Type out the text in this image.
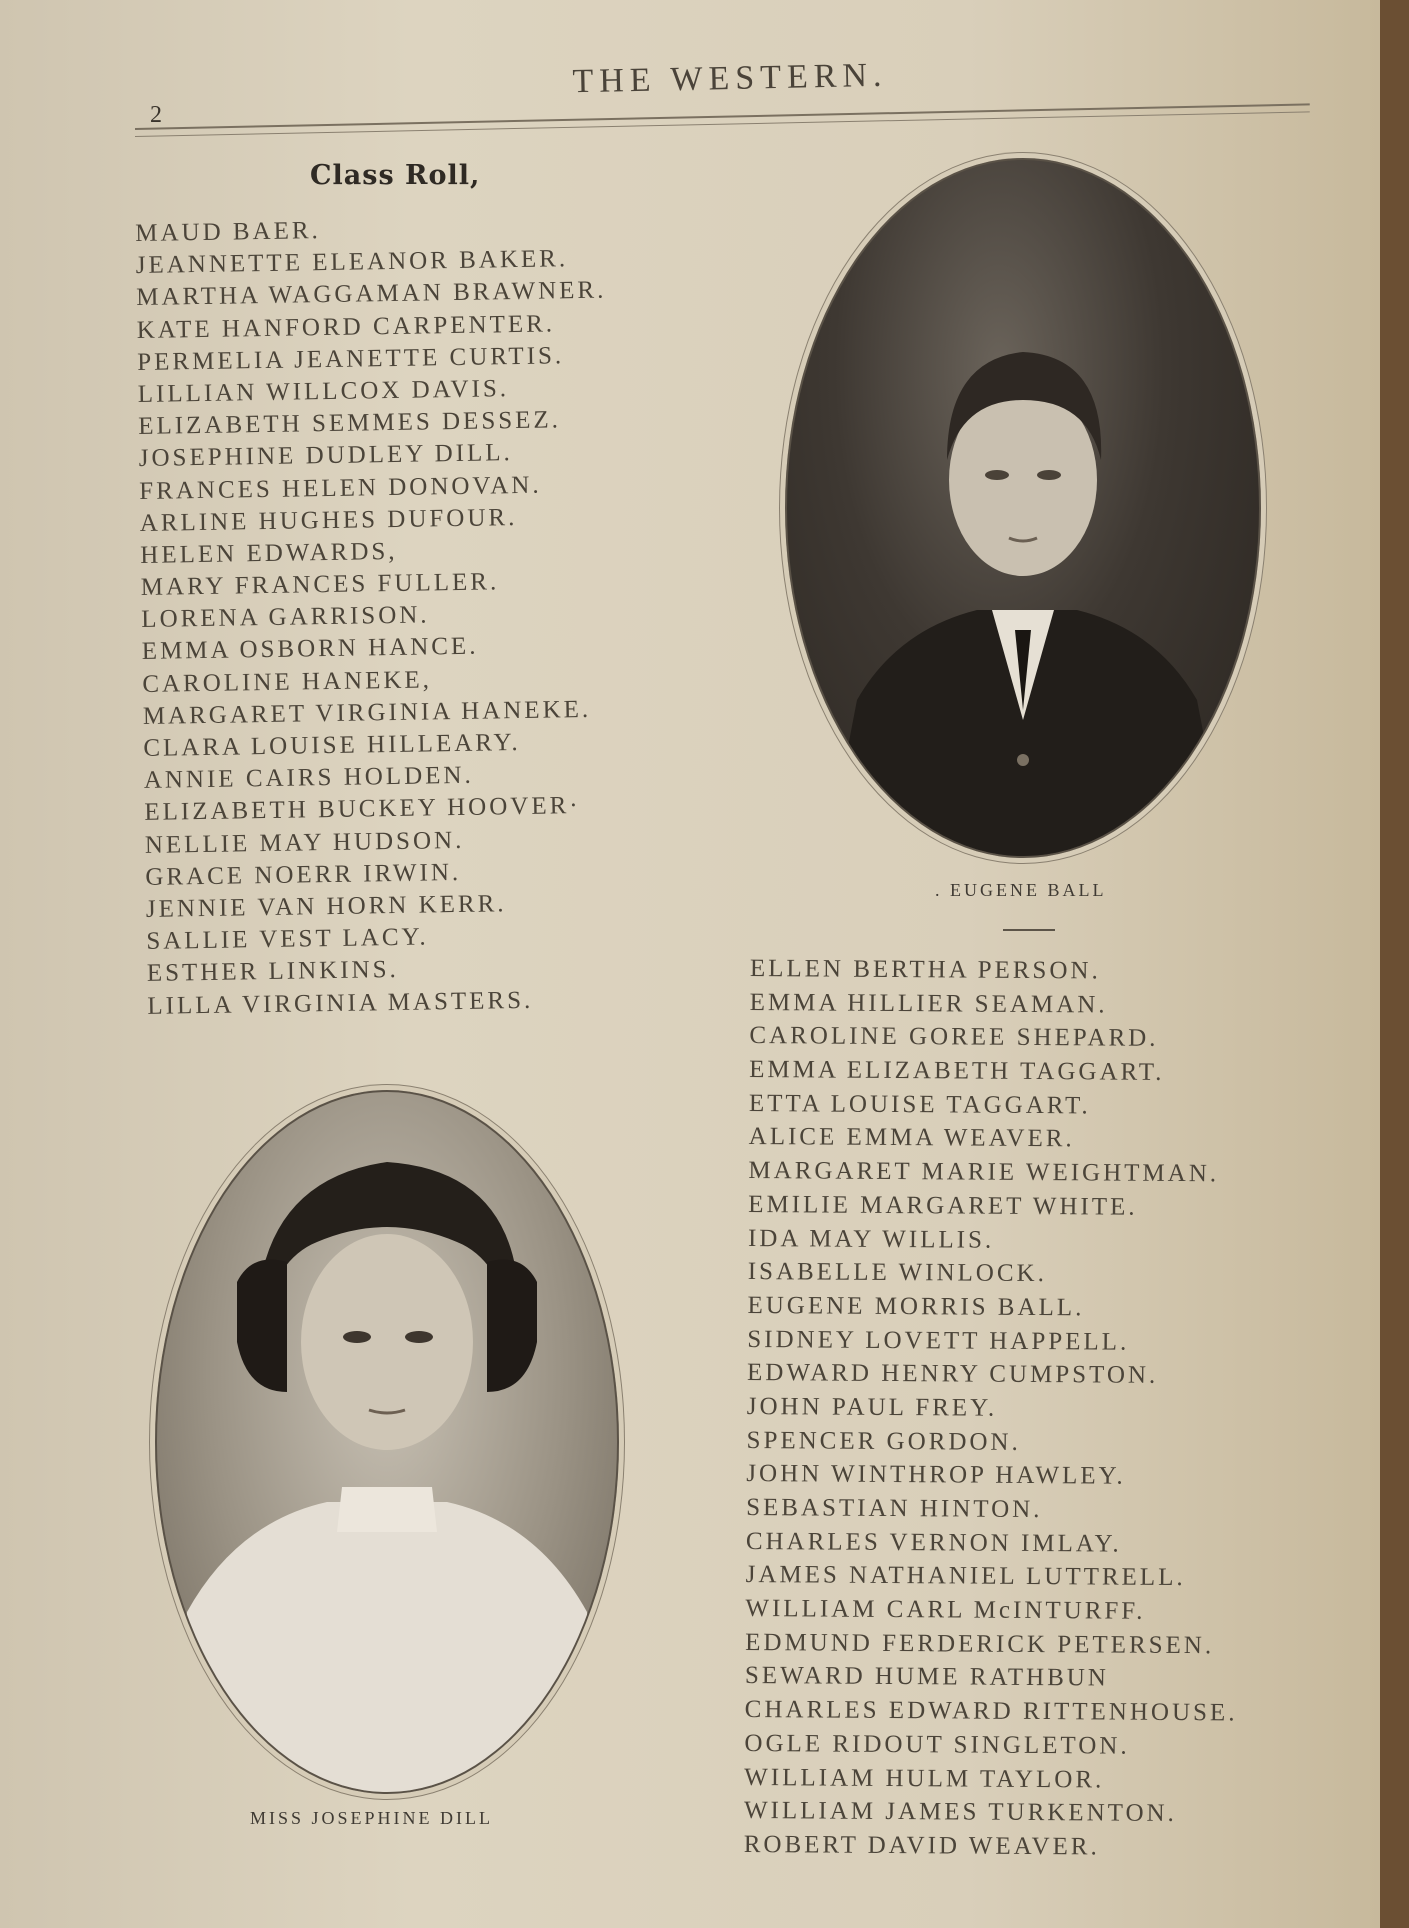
2
THE WESTERN.
Class Roll,
MAUD BAER.
JEANNETTE ELEANOR BAKER.
MARTHA WAGGAMAN BRAWNER.
KATE HANFORD CARPENTER.
PERMELIA JEANETTE CURTIS.
LILLIAN WILLCOX DAVIS.
ELIZABETH SEMMES DESSEZ.
JOSEPHINE DUDLEY DILL.
FRANCES HELEN DONOVAN.
ARLINE HUGHES DUFOUR.
HELEN EDWARDS,
MARY FRANCES FULLER.
LORENA GARRISON.
EMMA OSBORN HANCE.
CAROLINE HANEKE,
MARGARET VIRGINIA HANEKE.
CLARA LOUISE HILLEARY.
ANNIE CAIRS HOLDEN.
ELIZABETH BUCKEY HOOVER·
NELLIE MAY HUDSON.
GRACE NOERR IRWIN.
JENNIE VAN HORN KERR.
SALLIE VEST LACY.
ESTHER LINKINS.
LILLA VIRGINIA MASTERS.
. EUGENE BALL
ELLEN BERTHA PERSON.
EMMA HILLIER SEAMAN.
CAROLINE GOREE SHEPARD.
EMMA ELIZABETH TAGGART.
ETTA LOUISE TAGGART.
ALICE EMMA WEAVER.
MARGARET MARIE WEIGHTMAN.
EMILIE MARGARET WHITE.
IDA MAY WILLIS.
ISABELLE WINLOCK.
EUGENE MORRIS BALL.
SIDNEY LOVETT HAPPELL.
EDWARD HENRY CUMPSTON.
JOHN PAUL FREY.
SPENCER GORDON.
JOHN WINTHROP HAWLEY.
SEBASTIAN HINTON.
CHARLES VERNON IMLAY.
JAMES NATHANIEL LUTTRELL.
WILLIAM CARL McINTURFF.
EDMUND FERDERICK PETERSEN.
SEWARD HUME RATHBUN
CHARLES EDWARD RITTENHOUSE.
OGLE RIDOUT SINGLETON.
WILLIAM HULM TAYLOR.
WILLIAM JAMES TURKENTON.
ROBERT DAVID WEAVER.
MISS JOSEPHINE DILL
